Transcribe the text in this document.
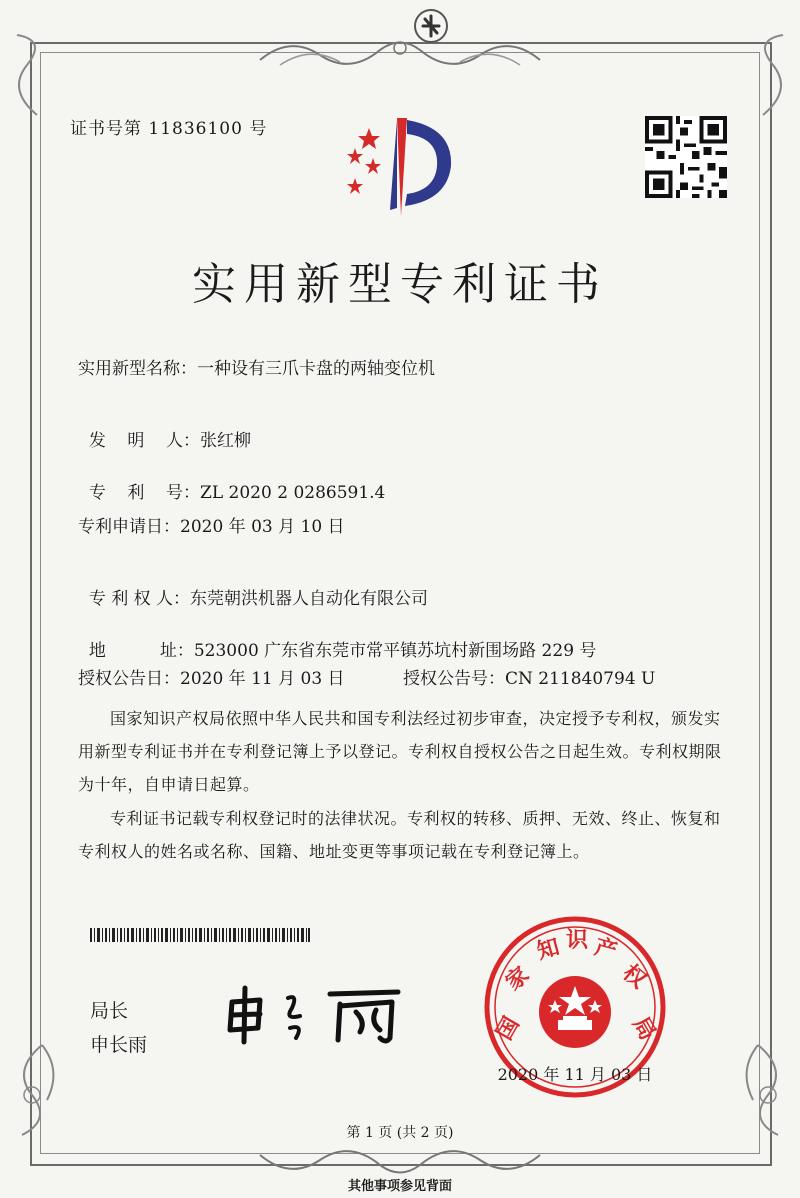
证书号第 11836100 号
实用新型专利证书
实用新型名称：一种设有三爪卡盘的两轴变位机

发    明    人：张红柳

专    利    号：ZL 2020 2 0286591.4

专利申请日：2020 年 03 月 10 日

专 利 权 人：东莞朝洪机器人自动化有限公司

地          址：523000 广东省东莞市常平镇苏坑村新围场路 229 号

授权公告日：2020 年 11 月 03 日	授权公告号：CN 211840794 U
国家知识产权局依照中华人民共和国专利法经过初步审查，决定授予专利权，颁发实用新型专利证书并在专利登记簿上予以登记。专利权自授权公告之日起生效。专利权期限为十年，自申请日起算。
专利证书记载专利权登记时的法律状况。专利权的转移、质押、无效、终止、恢复和专利权人的姓名或名称、国籍、地址变更等事项记载在专利登记簿上。
局长
申长雨
国
家
知 识 产
权
局
2020 年 11 月 03 日
第 1 页 (共 2 页)
其他事项参见背面
